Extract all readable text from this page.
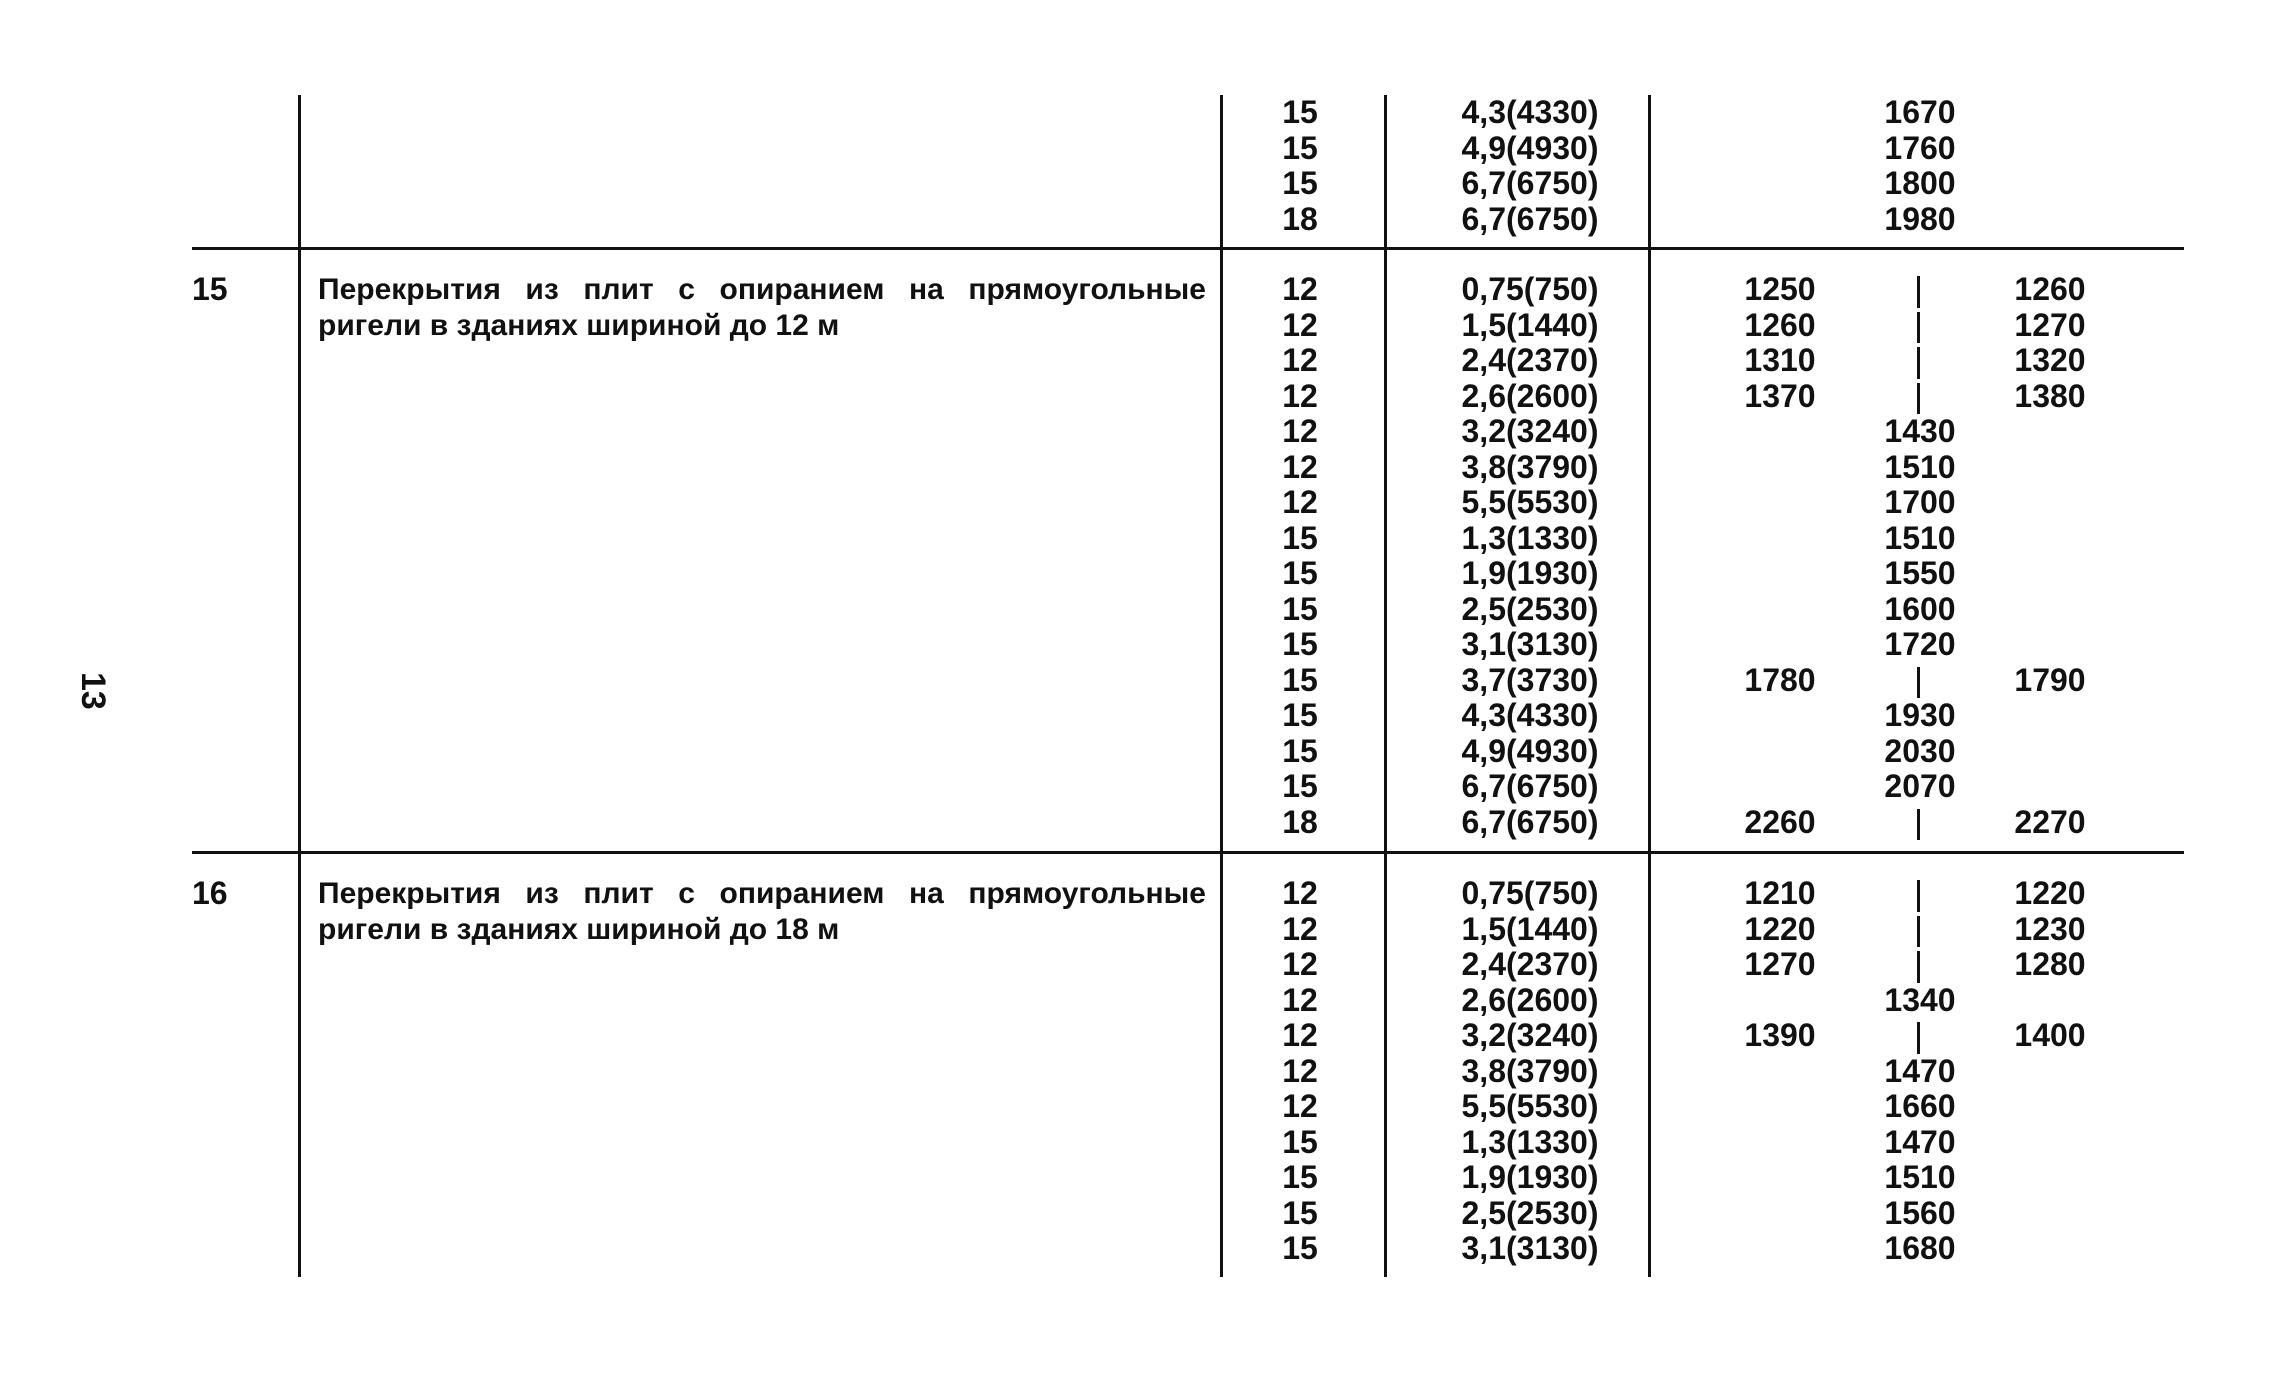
13
15	4,3(4330)	1670
15	4,9(4930)	1760
15	6,7(6750)	1800
18	6,7(6750)	1980
15	Перекрытия из плит с опиранием на прямоугольные ригели в зданиях шириной до 12 м
12	0,75(750)	1250	1260
12	1,5(1440)	1260	1270
12	2,4(2370)	1310	1320
12	2,6(2600)	1370	1380
12	3,2(3240)	1430
12	3,8(3790)	1510
12	5,5(5530)	1700
15	1,3(1330)	1510
15	1,9(1930)	1550
15	2,5(2530)	1600
15	3,1(3130)	1720
15	3,7(3730)	1780	1790
15	4,3(4330)	1930
15	4,9(4930)	2030
15	6,7(6750)	2070
18	6,7(6750)	2260	2270
16	Перекрытия из плит с опиранием на прямоугольные ригели в зданиях шириной до 18 м
12	0,75(750)	1210	1220
12	1,5(1440)	1220	1230
12	2,4(2370)	1270	1280
12	2,6(2600)	1340
12	3,2(3240)	1390	1400
12	3,8(3790)	1470
12	5,5(5530)	1660
15	1,3(1330)	1470
15	1,9(1930)	1510
15	2,5(2530)	1560
15	3,1(3130)	1680
